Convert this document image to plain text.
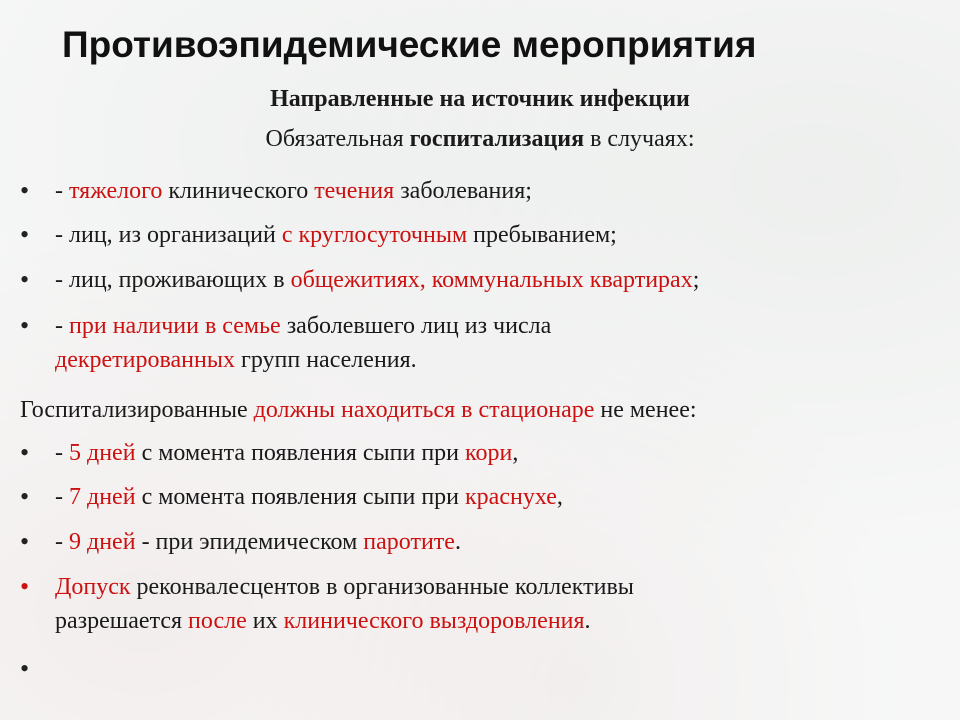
Противоэпидемические мероприятия
Направленные на источник инфекции
Обязательная госпитализация в случаях:
• - тяжелого клинического течения заболевания;
• - лиц, из организаций с круглосуточным пребыванием;
• - лиц, проживающих в общежитиях, коммунальных квартирах;
• - при наличии в семье заболевшего лиц из числа
декретированных групп населения.
Госпитализированные должны находиться в стационаре не менее:
• - 5 дней с момента появления сыпи при кори,
• - 7 дней с момента появления сыпи при краснухе,
• - 9 дней - при эпидемическом паротите.
• Допуск реконвалесцентов в организованные коллективы
разрешается после их клинического выздоровления.
•
